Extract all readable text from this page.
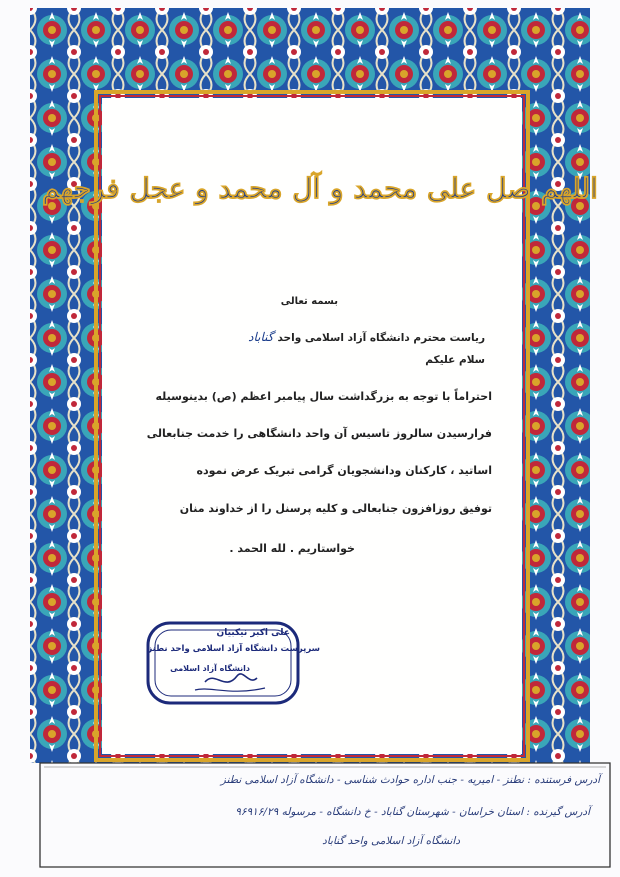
اللهم صل علی محمد و آل محمد و عجل فرجهم
بسمه تعالی
ریاست محترم دانشگاه آزاد اسلامی واحدگناباد
سلام علیکم
احتراماً با توجه به بزرگداشت سال پیامبر اعظم (ص) بدینوسیله
فرارسیدن سالروز تاسیس آن واحد دانشگاهی را خدمت جنابعالی
اساتید ، کارکنان ودانشجویان گرامی تبریک عرض نموده
توفیق روزافزون جنابعالی و کلیه پرسنل را از خداوند منان
خواستاریم . لله الحمد .
علی اکبر نیکبیان
سرپرست دانشگاه آزاد اسلامی واحد نطنز
دانشگاه آزاد اسلامی
آدرس فرستنده : نطنز - امیریه - جنب اداره حوادث شناسی - دانشگاه آزاد اسلامی نطنز
آدرس گیرنده : استان خراسان - شهرستان گناباد - خ دانشگاه - مرسوله ۹۶۹۱۶/۲۹
دانشگاه آزاد اسلامی واحد گناباد
